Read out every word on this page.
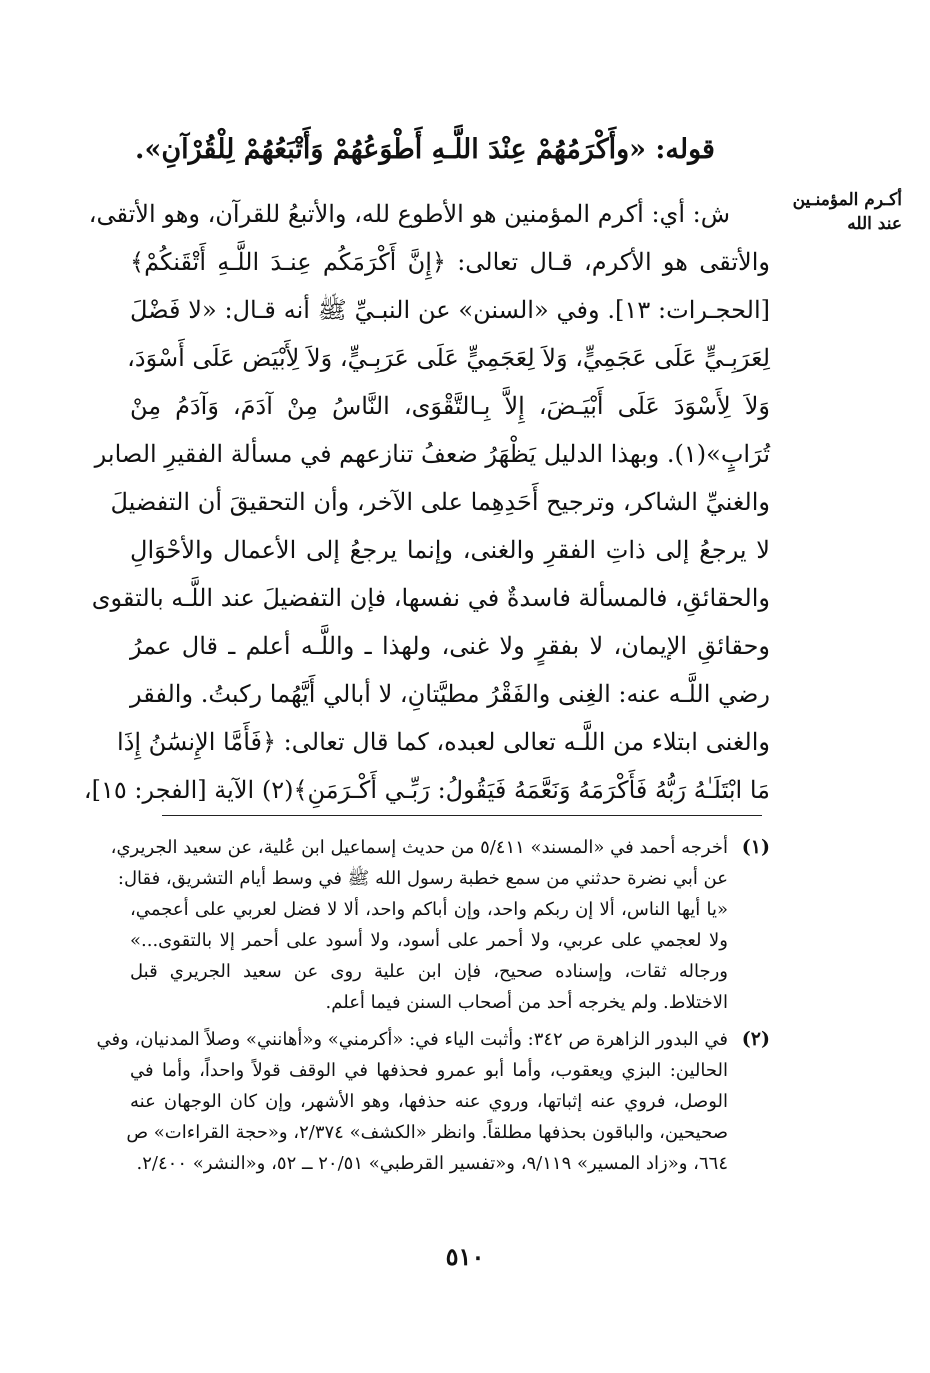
قوله: «وأَكْرَمُهُمْ عِنْدَ اللَّـهِ أَطْوَعُهُمْ وَأَتْبَعُهُمْ لِلْقُرْآنِ».
أكـرم المؤمنـين
عند الله
ش: أي: أكرم المؤمنين هو الأطوع لله، والأتبعُ للقرآن، وهو الأتقى،
والأتقى هو الأكرم، قـال تعالى: ﴿إِنَّ أَكْرَمَكُم عِنـدَ اللَّـهِ أَتْقَنكُمْ﴾
[الحجـرات: ١٣]. وفي «السنن» عن النبـيِّ ﷺ أنه قـال: «لا فَضْلَ
لِعَرَبِـيٍّ عَلَى عَجَمِيٍّ، وَلاَ لِعَجَمِيٍّ عَلَى عَرَبِـيٍّ، وَلاَ لِأَبْيَض عَلَى أَسْوَدَ،
وَلاَ لِأَسْوَدَ عَلَى أَبْيَـضَ، إِلاَّ بِـالتَّقْوَى، النَّاسُ مِنْ آدَمَ، وَآدَمُ مِنْ
تُرَابٍ»(١). وبهذا الدليل يَظْهَرُ ضعفُ تنازعهم في مسألة الفقيرِ الصابر
والغنيِّ الشاكر، وترجيح أَحَدِهِما على الآخر، وأن التحقيقَ أن التفضيلَ
لا يرجعُ إلى ذاتِ الفقرِ والغنى، وإنما يرجعُ إلى الأعمال والأحْوَالِ
والحقائقِ، فالمسألة فاسدةٌ في نفسها، فإن التفضيلَ عند اللَّـه بالتقوى
وحقائقِ الإيمان، لا بفقرٍ ولا غنى، ولهذا ـ واللَّـه أعلم ـ قال عمرُ
رضي اللَّـه عنه: الغِنى والفَقْرُ مطيَّتانِ، لا أبالي أَيَّهُما ركبتُ. والفقر
والغنى ابتلاء من اللَّـه تعالى لعبده، كما قال تعالى: ﴿فَأَمَّا الإِنسَٰنُ إِذَا
مَا ابْتَلَـٰهُ رَبُّهُ فَأَكْرَمَهُ وَنَعَّمَهُ فَيَقُولُ: رَبِّـي أَكْـرَمَنِ﴾(٢) الآية [الفجر: ١٥]،
(١)
أخرجه أحمد في «المسند» ٥/٤١١ من حديث إسماعيل ابن عُلية، عن سعيد الجريري،
عن أبي نضرة حدثني من سمع خطبة رسول الله ﷺ في وسط أيام التشريق، فقال:
«يا أيها الناس، ألا إن ربكم واحد، وإن أباكم واحد، ألا لا فضل لعربي على أعجمي،
ولا لعجمي على عربي، ولا أحمر على أسود، ولا أسود على أحمر إلا بالتقوى...»
ورجاله ثقات، وإسناده صحيح، فإن ابن علية روى عن سعيد الجريري قبل
الاختلاط. ولم يخرجه أحد من أصحاب السنن فيما أعلم.
(٢)
في البدور الزاهرة ص ٣٤٢: وأثبت الياء في: «أكرمني» و«أهانني» وصلاً المدنيان، وفي
الحالين: البزي ويعقوب، وأما أبو عمرو فحذفها في الوقف قولاً واحداً، وأما في
الوصل، فروي عنه إثباتها، وروي عنه حذفها، وهو الأشهر، وإن كان الوجهان عنه
صحيحين، والباقون بحذفها مطلقاً. وانظر «الكشف» ٢/٣٧٤، و«حجة القراءات» ص
٦٦٤، و«زاد المسير» ٩/١١٩، و«تفسير القرطبي» ٢٠/٥١ ــ ٥٢، و«النشر» ٢/٤٠٠.
٥١٠
